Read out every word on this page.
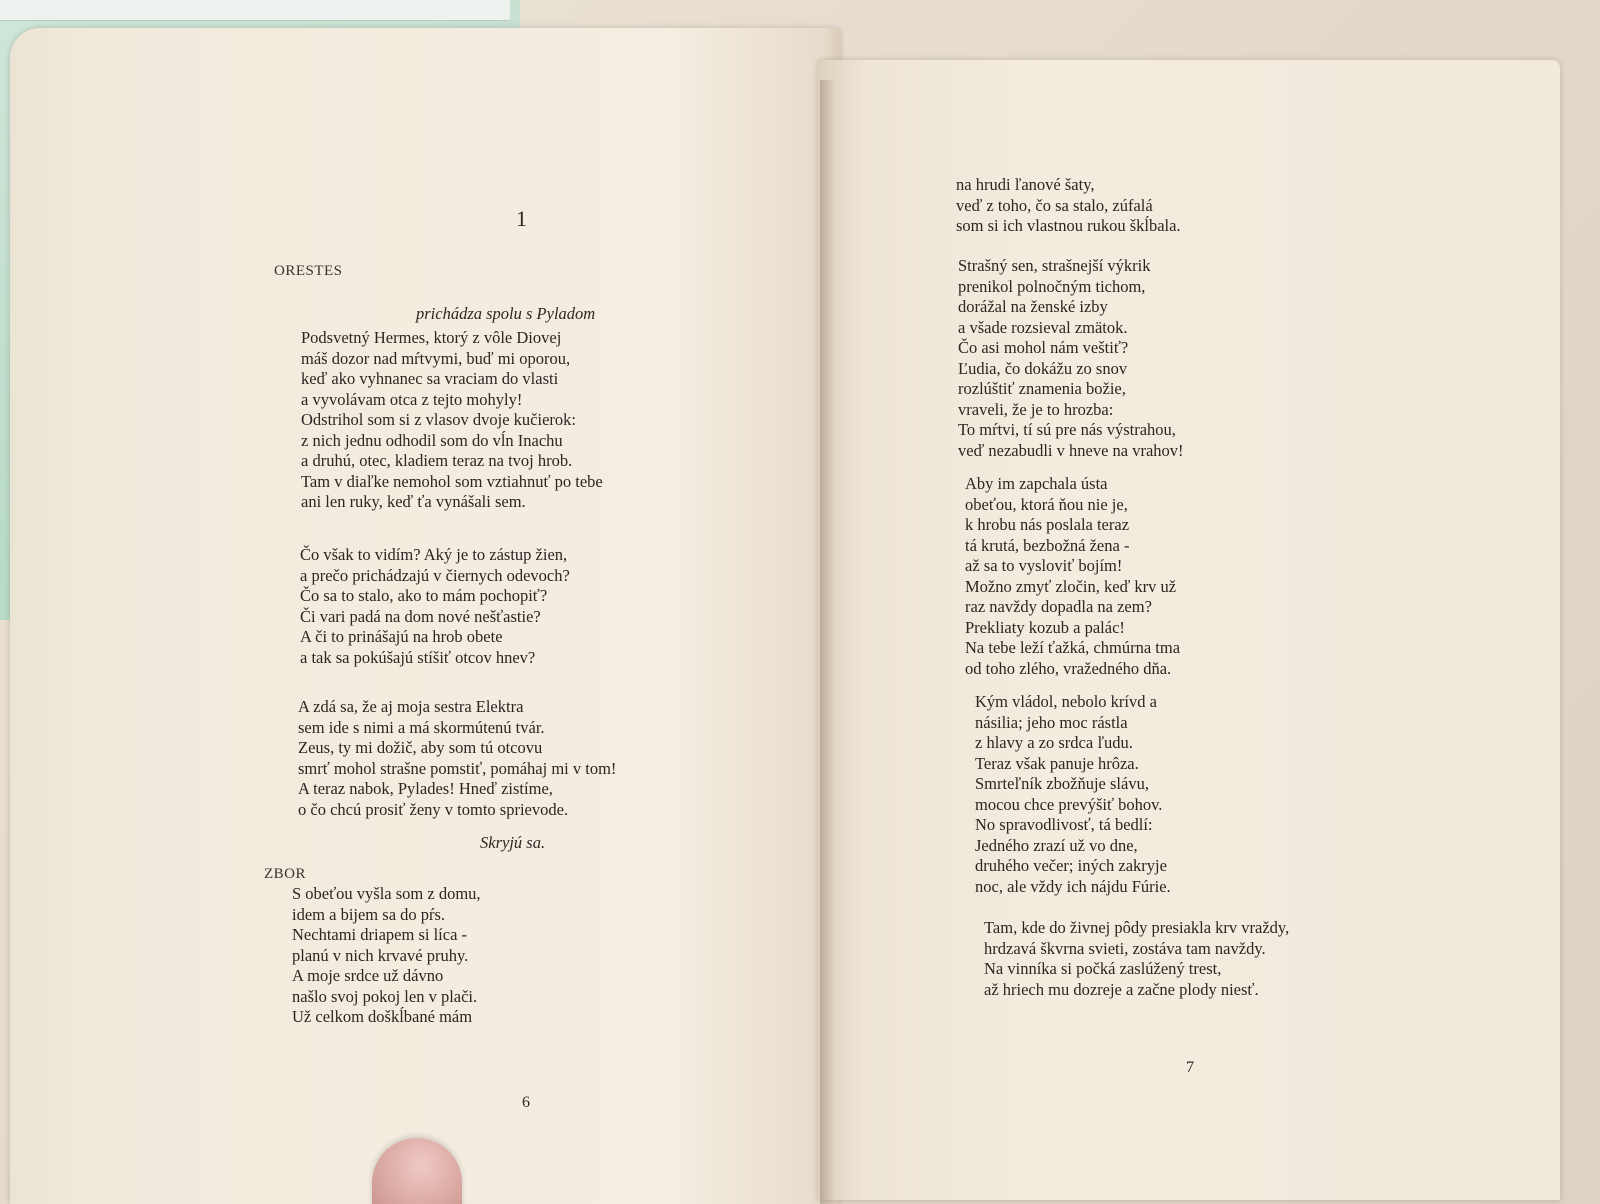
1
ORESTES
prichádza spolu s Pyladom
Podsvetný Hermes, ktorý z vôle Diovej
máš dozor nad mŕtvymi, buď mi oporou,
keď ako vyhnanec sa vraciam do vlasti
a vyvolávam otca z tejto mohyly!
Odstrihol som si z vlasov dvoje kučierok:
z nich jednu odhodil som do vĺn Inachu
a druhú, otec, kladiem teraz na tvoj hrob.
Tam v diaľke nemohol som vztiahnuť po tebe
ani len ruky, keď ťa vynášali sem.
Čo však to vidím? Aký je to zástup žien,
a prečo prichádzajú v čiernych odevoch?
Čo sa to stalo, ako to mám pochopiť?
Či vari padá na dom nové nešťastie?
A či to prinášajú na hrob obete
a tak sa pokúšajú stíšiť otcov hnev?
A zdá sa, že aj moja sestra Elektra
sem ide s nimi a má skormútenú tvár.
Zeus, ty mi dožič, aby som tú otcovu
smrť mohol strašne pomstiť, pomáhaj mi v tom!
A teraz nabok, Pylades! Hneď zistíme,
o čo chcú prosiť ženy v tomto sprievode.
Skryjú sa.
ZBOR
S obeťou vyšla som z domu,
idem a bijem sa do pŕs.
Nechtami driapem si líca -
planú v nich krvavé pruhy.
A moje srdce už dávno
našlo svoj pokoj len v plači.
Už celkom doškĺbané mám
6
na hrudi ľanové šaty,
veď z toho, čo sa stalo, zúfalá
som si ich vlastnou rukou škĺbala.
Strašný sen, strašnejší výkrik
prenikol polnočným tichom,
dorážal na ženské izby
a všade rozsieval zmätok.
Čo asi mohol nám veštiť?
Ľudia, čo dokážu zo snov
rozlúštiť znamenia božie,
vraveli, že je to hrozba:
To mŕtvi, tí sú pre nás výstrahou,
veď nezabudli v hneve na vrahov!
Aby im zapchala ústa
obeťou, ktorá ňou nie je,
k hrobu nás poslala teraz
tá krutá, bezbožná žena -
až sa to vysloviť bojím!
Možno zmyť zločin, keď krv už
raz navždy dopadla na zem?
Prekliaty kozub a palác!
Na tebe leží ťažká, chmúrna tma
od toho zlého, vražedného dňa.
Kým vládol, nebolo krívd a
násilia; jeho moc rástla
z hlavy a zo srdca ľudu.
Teraz však panuje hrôza.
Smrteľník zbožňuje slávu,
mocou chce prevýšiť bohov.
No spravodlivosť, tá bedlí:
Jedného zrazí už vo dne,
druhého večer; iných zakryje
noc, ale vždy ich nájdu Fúrie.
Tam, kde do živnej pôdy presiakla krv vraždy,
hrdzavá škvrna svieti, zostáva tam navždy.
Na vinníka si počká zaslúžený trest,
až hriech mu dozreje a začne plody niesť.
7
